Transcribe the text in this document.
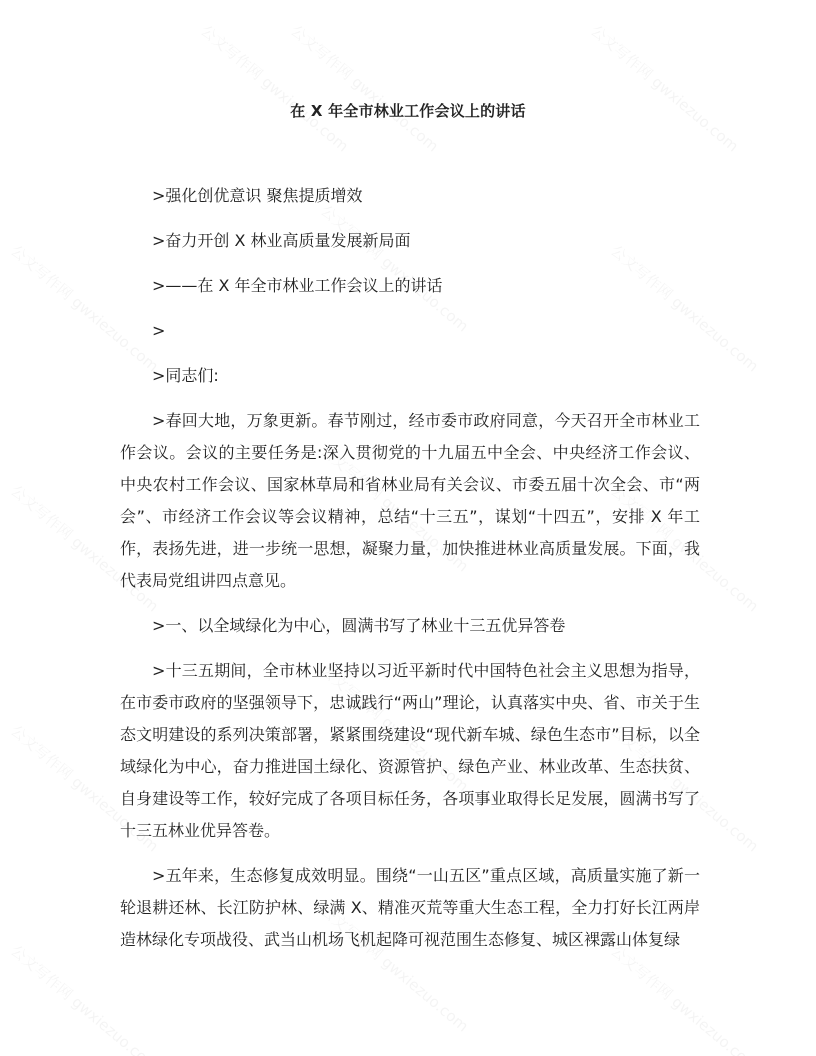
在 X 年全市林业工作会议上的讲话

>强化创优意识 聚焦提质增效

>奋力开创 X 林业高质量发展新局面

>——在 X 年全市林业工作会议上的讲话

>

>同志们:

>春回大地，万象更新。春节刚过，经市委市政府同意，今天召开全市林业工作会议。会议的主要任务是:深入贯彻党的十九届五中全会、中央经济工作会议、中央农村工作会议、国家林草局和省林业局有关会议、市委五届十次全会、市“两会”、市经济工作会议等会议精神，总结“十三五”，谋划“十四五”，安排 X 年工作，表扬先进，进一步统一思想，凝聚力量，加快推进林业高质量发展。下面，我代表局党组讲四点意见。

>一、以全域绿化为中心，圆满书写了林业十三五优异答卷

>十三五期间，全市林业坚持以习近平新时代中国特色社会主义思想为指导，在市委市政府的坚强领导下，忠诚践行“两山”理论，认真落实中央、省、市关于生态文明建设的系列决策部署，紧紧围绕建设“现代新车城、绿色生态市”目标，以全域绿化为中心，奋力推进国土绿化、资源管护、绿色产业、林业改革、生态扶贫、自身建设等工作，较好完成了各项目标任务，各项事业取得长足发展，圆满书写了十三五林业优异答卷。

>五年来，生态修复成效明显。围绕“一山五区”重点区域，高质量实施了新一轮退耕还林、长江防护林、绿满 X、精准灭荒等重大生态工程，全力打好长江两岸造林绿化专项战役、武当山机场飞机起降可视范围生态修复、城区裸露山体复绿
